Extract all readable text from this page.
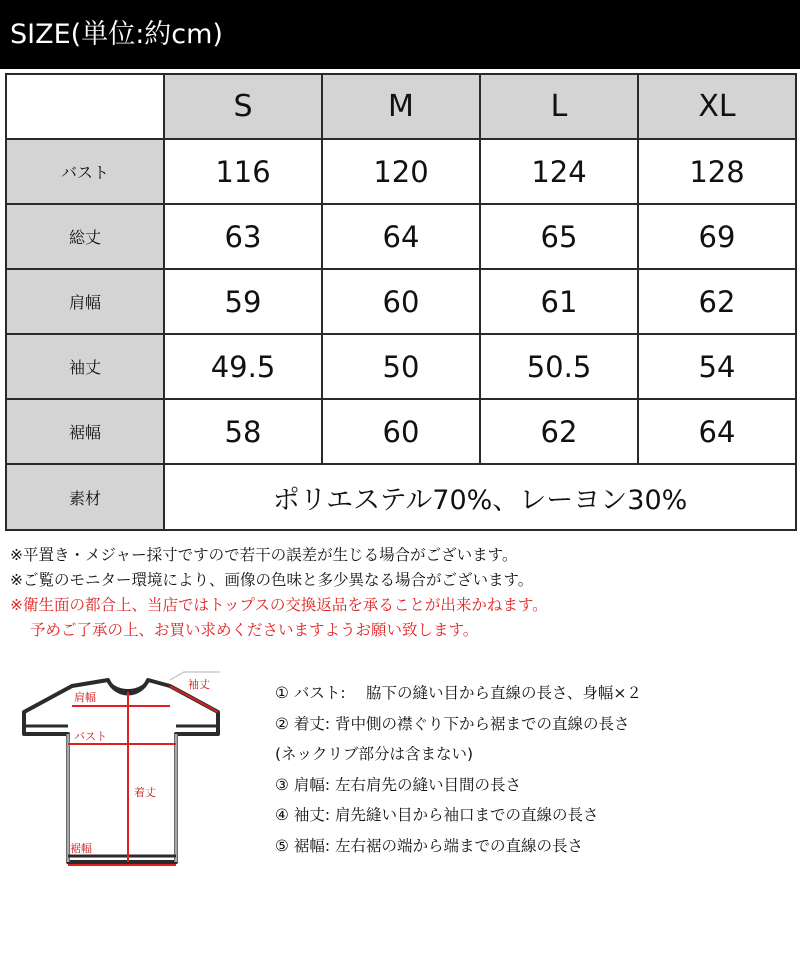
SIZE(単位:約cm)
	S	M	L	XL
バスト	116	120	124	128
総丈	63	64	65	69
肩幅	59	60	61	62
袖丈	49.5	50	50.5	54
裾幅	58	60	62	64
素材	ポリエステル70%、レーヨン30%			
※平置き・メジャー採寸ですので若干の誤差が生じる場合がございます。
※ご覧のモニター環境により、画像の色味と多少異なる場合がございます。
※衛生面の都合上、当店ではトップスの交換返品を承ることが出来かねます。
予めご了承の上、お買い求めくださいますようお願い致します。
肩幅
袖丈
バスト
着丈
裾幅
① バスト:　 脇下の縫い目から直線の長さ、身幅×２
② 着丈: 背中側の襟ぐり下から裾までの直線の長さ
(ネックリブ部分は含まない)
③ 肩幅: 左右肩先の縫い目間の長さ
④ 袖丈: 肩先縫い目から袖口までの直線の長さ
⑤ 裾幅: 左右裾の端から端までの直線の長さ
